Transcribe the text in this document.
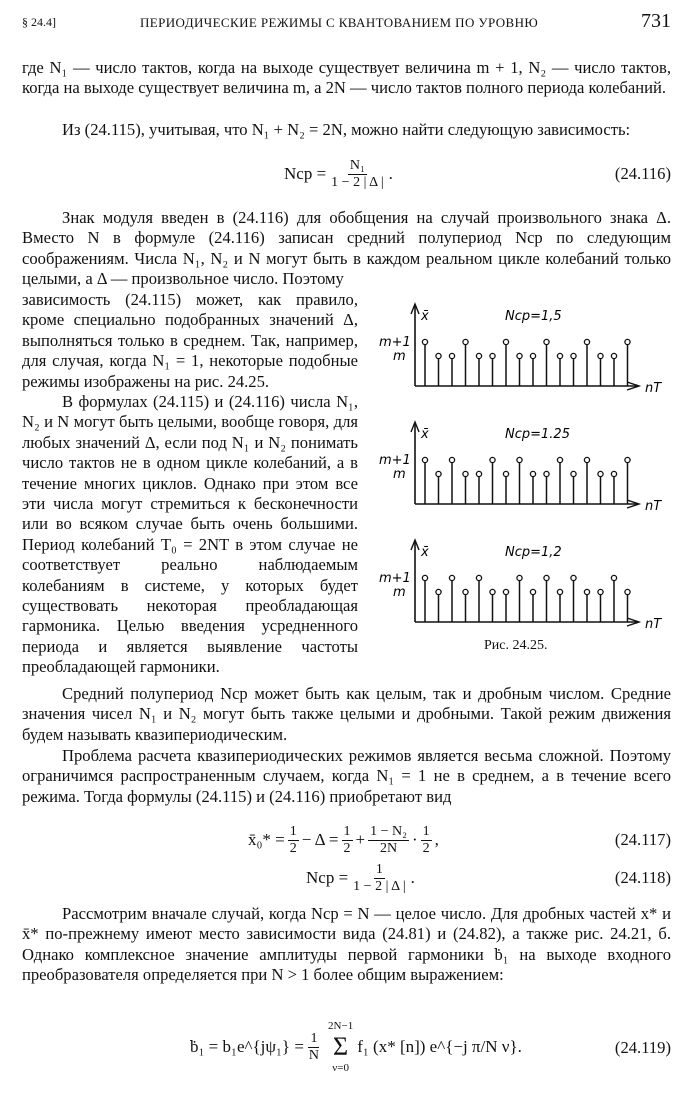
§ 24.4]	ПЕРИОДИЧЕСКИЕ РЕЖИМЫ С КВАНТОВАНИЕМ ПО УРОВНЮ	731
где N₁ — число тактов, когда на выходе существует величина m + 1, N₂ — число тактов, когда на выходе существует величина m, а 2N — число тактов полного периода колебаний.
Из (24.115), учитывая, что N₁ + N₂ = 2N, можно найти следующую зависимость:
Nср = $\frac{\text{N₁}}{1 - 2 | \Delta |}$ .	(24.116)
Знак модуля введен в (24.116) для обобщения на случай произвольного знака Δ. Вместо N в формуле (24.116) записан средний полупериод Nср по следующим соображениям. Числа N₁, N₂ и N могут быть в каждом реальном цикле колебаний только целыми, а Δ — произвольное число. Поэтому
зависимость (24.115) может, как правило, кроме специально подобранных значений Δ, выполняться только в среднем. Так, например, для случая, когда N₁ = 1, некоторые подобные режимы изображены на рис. 24.25.
В формулах (24.115) и (24.116) числа N₁, N₂ и N могут быть целыми, вообще говоря, для любых значений Δ, если под N₁ и N₂ понимать число тактов не в одном цикле колебаний, а в течение многих циклов. Однако при этом все эти числа могут стремиться к бесконечности или во всяком случае быть очень большими. Период колебаний T₀ = 2NT в этом случае не соответствует реально наблюдаемым колебаниям в системе, у которых будет существовать некоторая преобладающая гармоника. Целью введения усредненного периода и является выявление частоты преобладающей гармоники.
x̄	Ncp=1,5
m+1
m
nT
x̄	Ncp=1.25
m+1
m
nT
x̄	Ncp=1,2
m+1
m
nT
Рис. 24.25.
Средний полупериод Nср может быть как целым, так и дробным числом. Средние значения чисел N₁ и N₂ могут быть также целыми и дробными. Такой режим движения будем называть квазипериодическим.
Проблема расчета квазипериодических режимов является весьма сложной. Поэтому ограничимся распространенным случаем, когда N₁ = 1 не в среднем, а в течение всего режима. Тогда формулы (24.115) и (24.116) приобретают вид
x̄₀* = $\frac{1}{2} - \Delta = \frac{1}{2} + \frac{\text{1 − N₂}}{2N} \cdot \frac{1}{2}$ ,	(24.117)
Nср = $\frac{1}{1 - 2 | \Delta |}$ .	(24.118)
Рассмотрим вначале случай, когда Nср = N — целое число. Для дробных частей x* и x̄* по-прежнему имеют место зависимости вида (24.81) и (24.82), а также рис. 24.21, б. Однако комплексное значение амплитуды первой гармоники ḃ₁ на выходе входного преобразователя определяется при N > 1 более общим выражением:
ḃ₁ = b₁e^{jψ₁} = $\frac{1}{N}$
2N−1
Σ
ν=0
f₁ (x* [n]) e^{−j π/N ν}.	(24.119)
